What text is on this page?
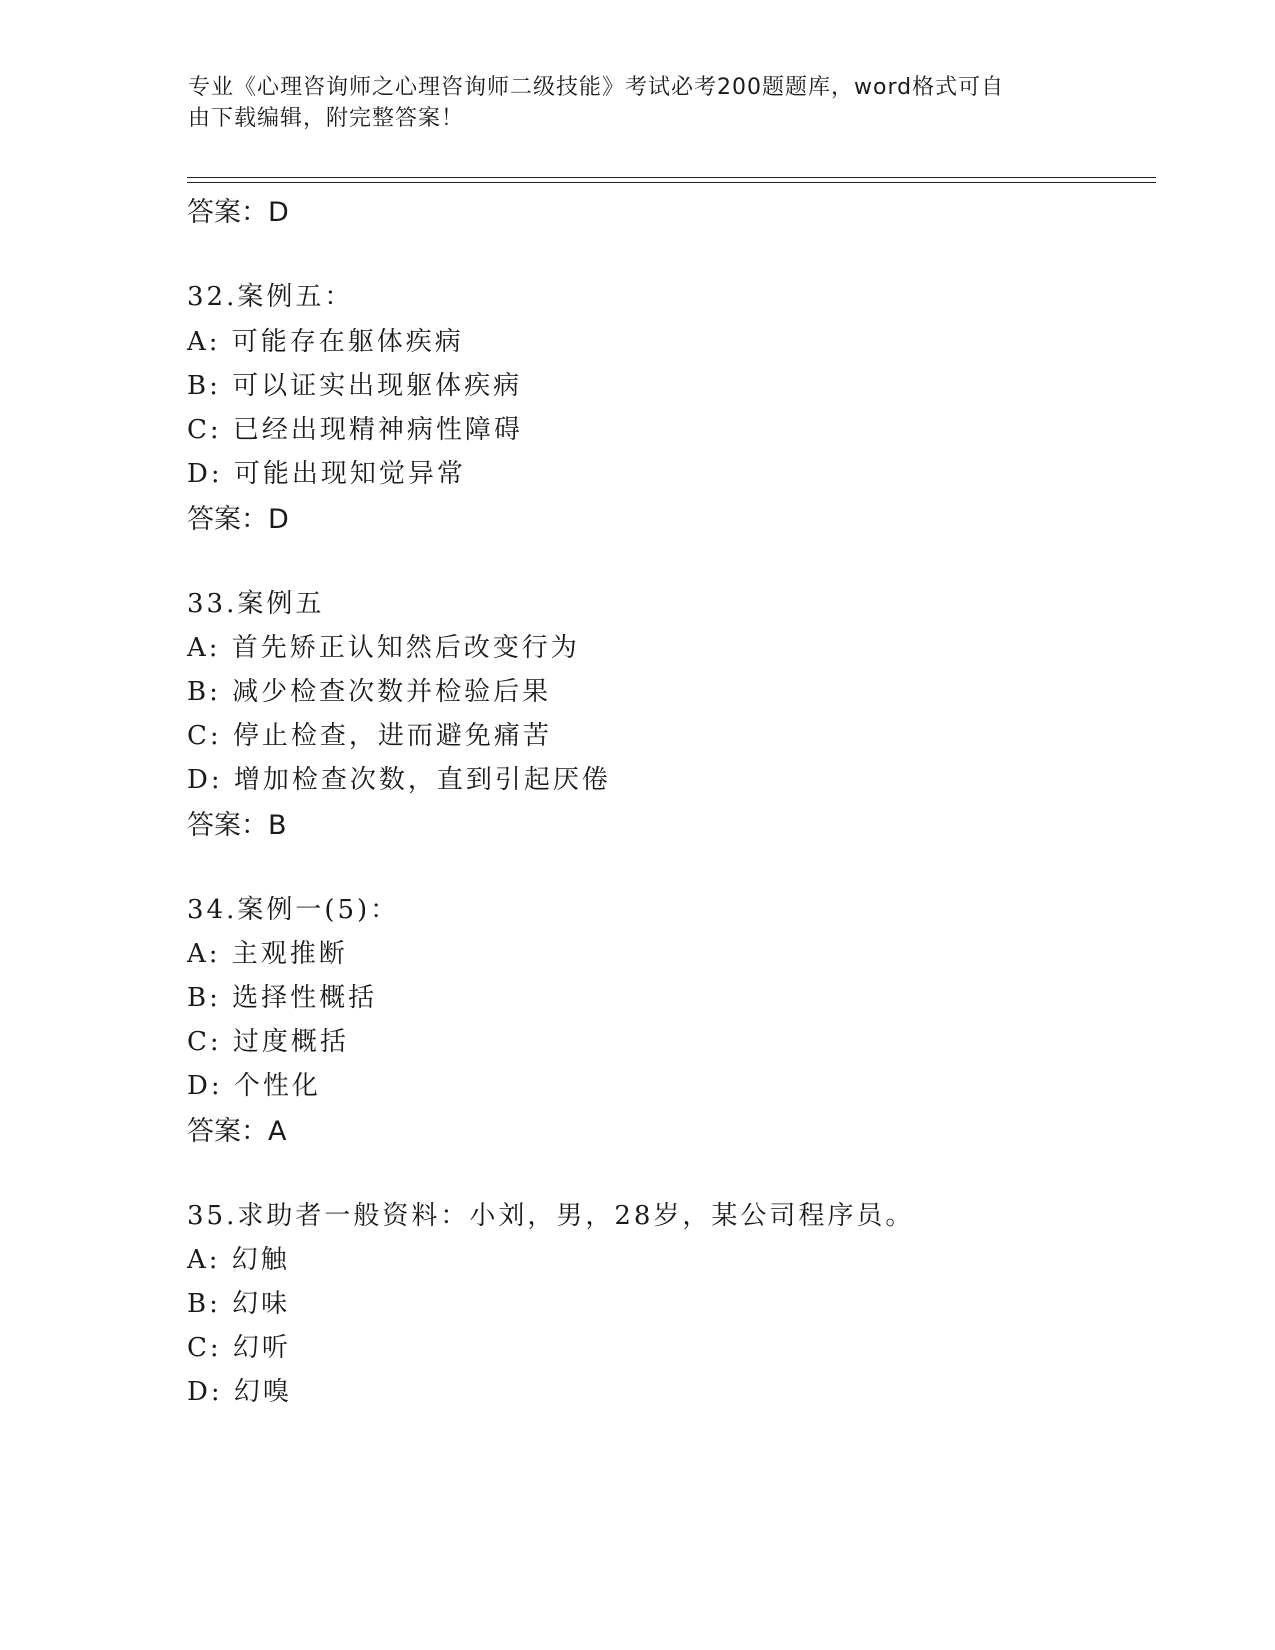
专业《心理咨询师之心理咨询师二级技能》考试必考200题题库，word格式可自
由下载编辑，附完整答案！
答案：D
32.案例五：
A: 可能存在躯体疾病
B: 可以证实出现躯体疾病
C: 已经出现精神病性障碍
D: 可能出现知觉异常
答案：D
33.案例五
A: 首先矫正认知然后改变行为
B: 减少检查次数并检验后果
C: 停止检查，进而避免痛苦
D: 增加检查次数，直到引起厌倦
答案：B
34.案例一(5)：
A: 主观推断
B: 选择性概括
C: 过度概括
D: 个性化
答案：A
35.求助者一般资料：小刘，男，28岁，某公司程序员。
A: 幻触
B: 幻味
C: 幻听
D: 幻嗅
